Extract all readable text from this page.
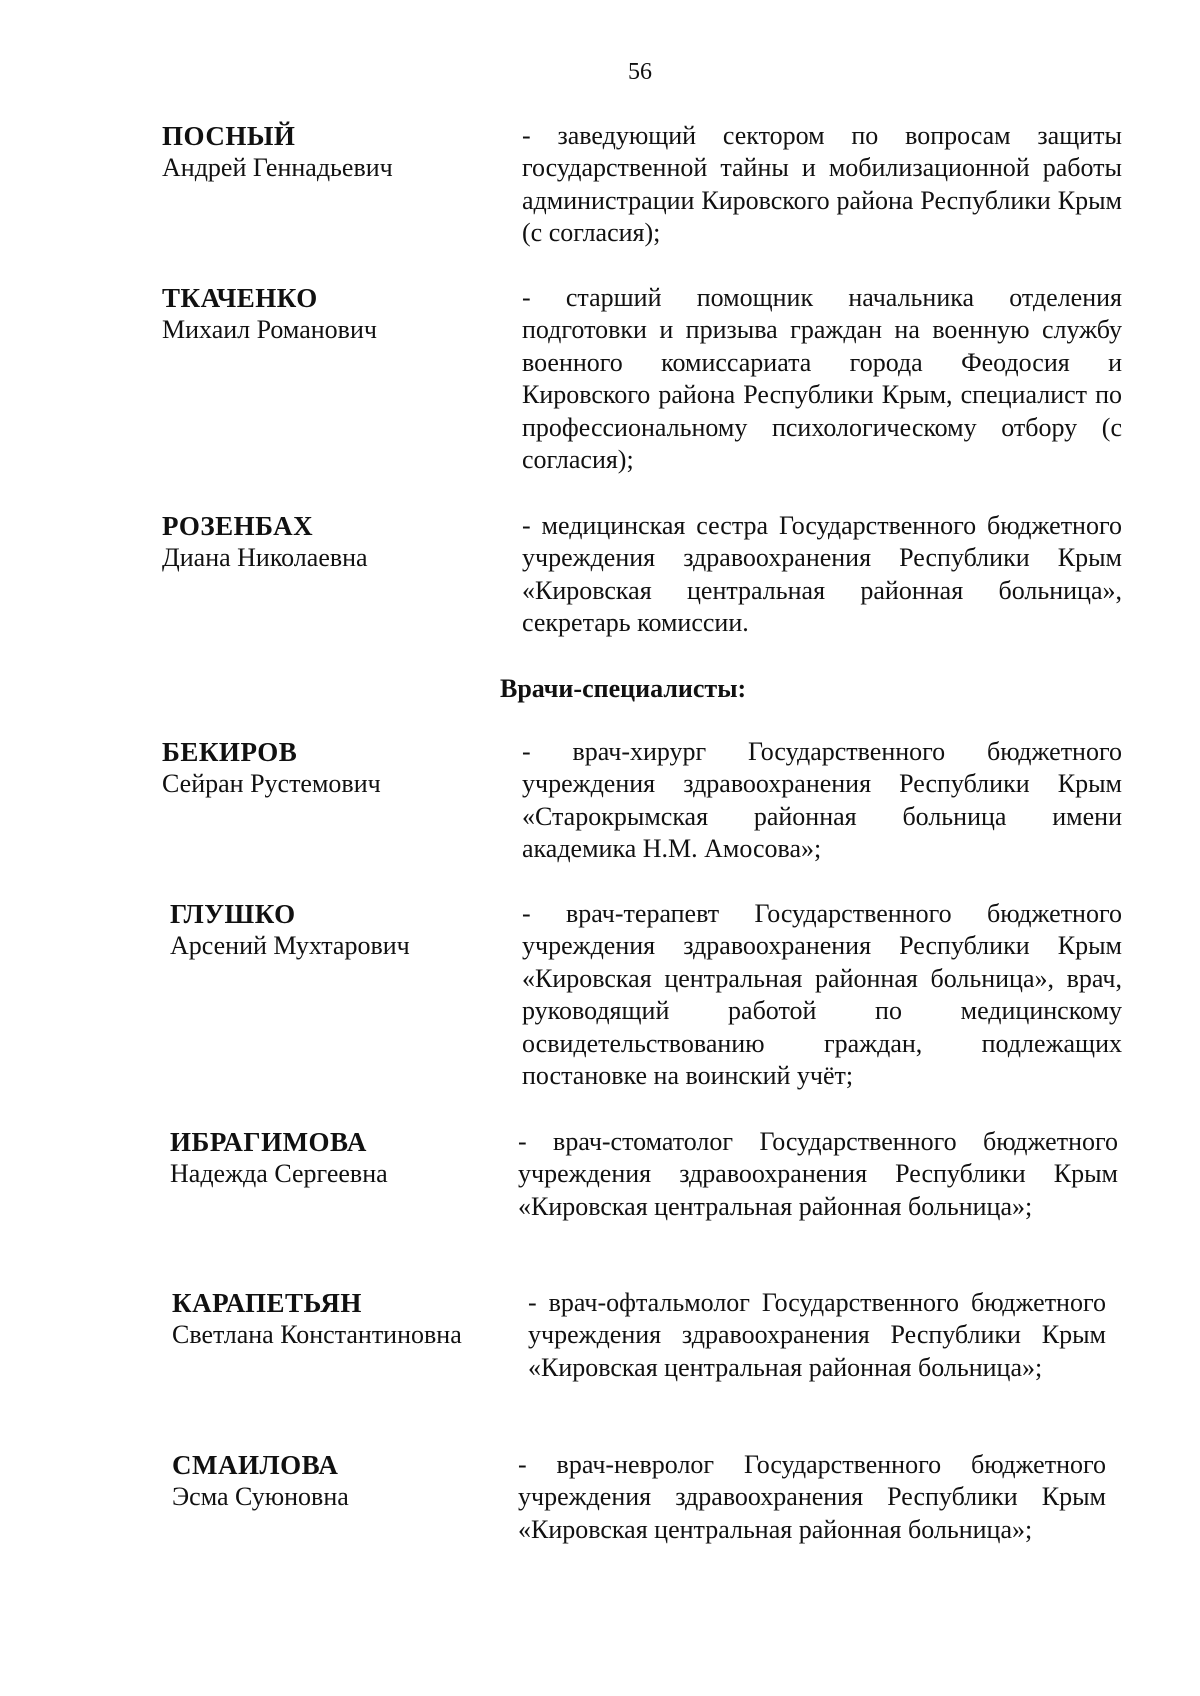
56
ПОСНЫЙ
Андрей Геннадьевич
- заведующий сектором по вопросам защиты государственной тайны и мобилизационной работы администрации Кировского района Республики Крым (с согласия);
ТКАЧЕНКО
Михаил Романович
- старший помощник начальника отделения подготовки и призыва граждан на военную службу военного комиссариата города Феодосия и Кировского района Республики Крым, специалист по профессиональному психологическому отбору (с согласия);
РОЗЕНБАХ
Диана Николаевна
- медицинская сестра Государственного бюджетного учреждения здравоохранения Республики Крым «Кировская центральная районная больница», секретарь комиссии.
Врачи-специалисты:
БЕКИРОВ
Сейран Рустемович
- врач-хирург Государственного бюджетного учреждения здравоохранения Республики Крым «Старокрымская районная больница имени академика Н.М. Амосова»;
ГЛУШКО
Арсений Мухтарович
- врач-терапевт Государственного бюджетного учреждения здравоохранения Республики Крым «Кировская центральная районная больница», врач, руководящий работой по медицинскому освидетельствованию граждан, подлежащих постановке на воинский учёт;
ИБРАГИМОВА
Надежда Сергеевна
- врач-стоматолог Государственного бюджетного учреждения здравоохранения Республики Крым «Кировская центральная районная больница»;
КАРАПЕТЬЯН
Светлана Константиновна
- врач-офтальмолог Государственного бюджетного учреждения здравоохранения Республики Крым «Кировская центральная районная больница»;
СМАИЛОВА
Эсма Суюновна
- врач-невролог Государственного бюджетного учреждения здравоохранения Республики Крым «Кировская центральная районная больница»;
